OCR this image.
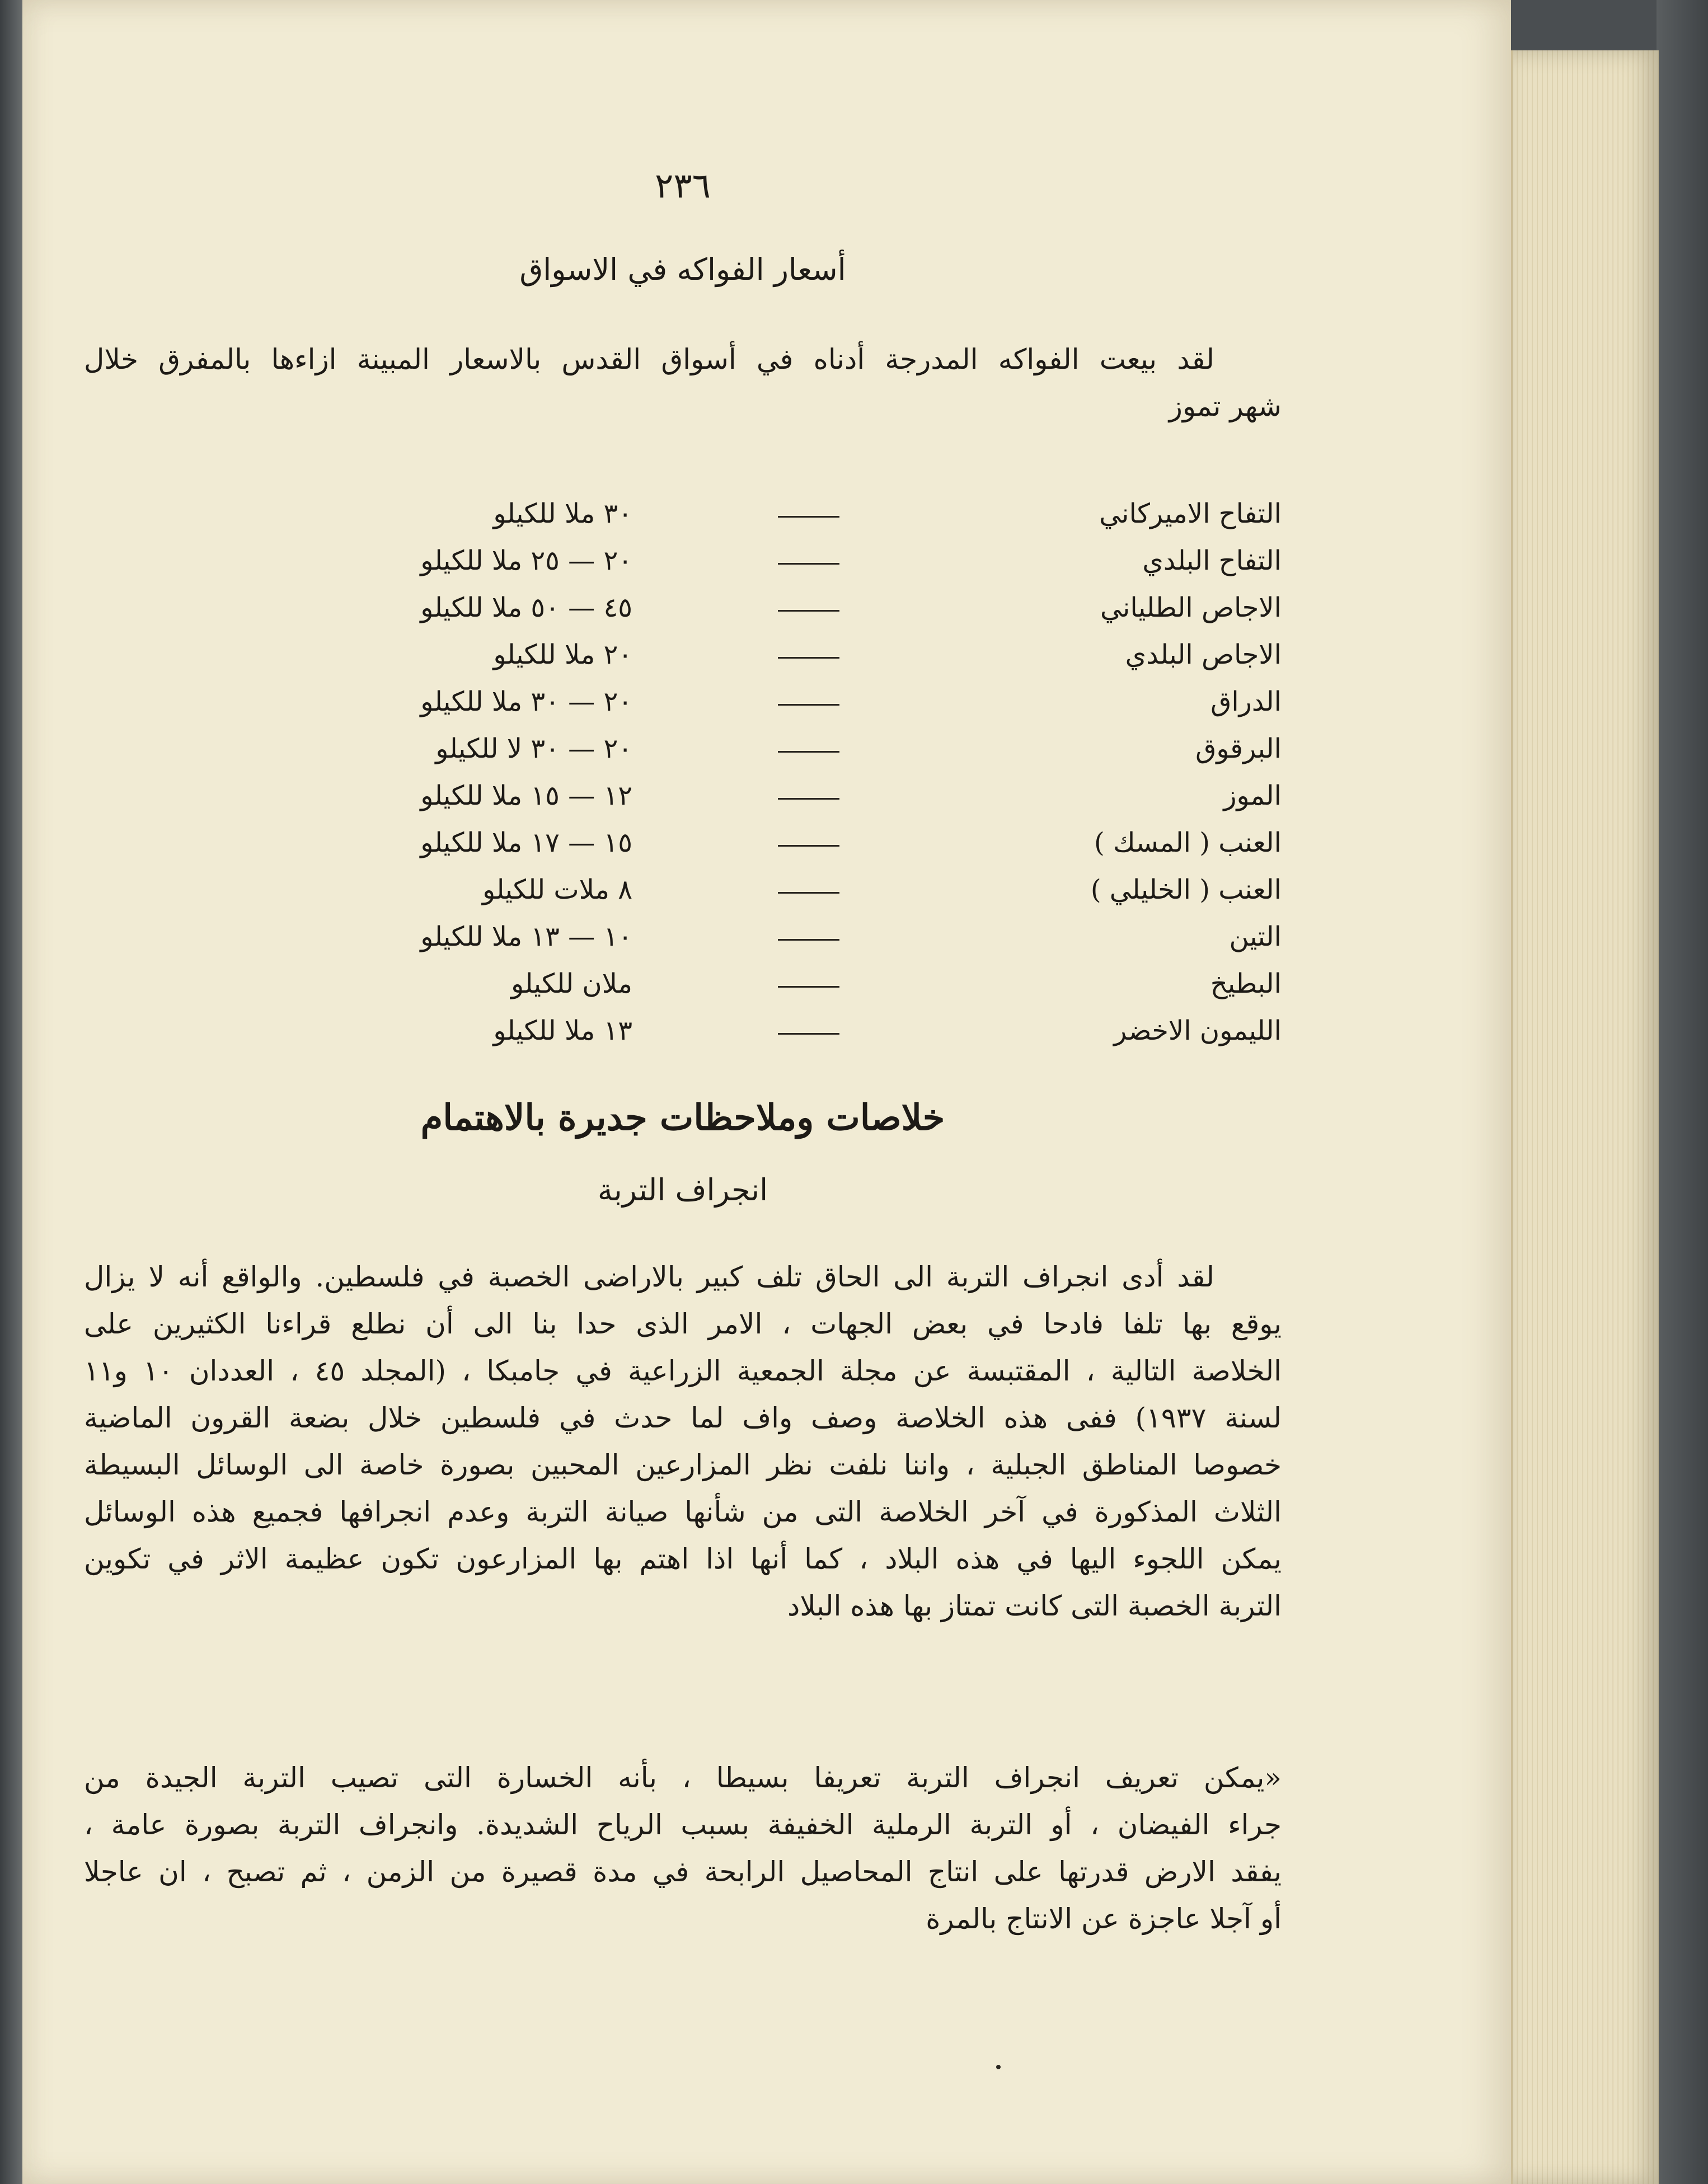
٢٣٦
أسعار الفواكه في الاسواق
لقد بيعت الفواكه المدرجة أدناه في أسواق القدس بالاسعار المبينة ازاءها بالمفرق خلال
شهر تموز
التفاح الاميركاني
٣٠ ملا للكيلو
التفاح البلدي
٢٠ — ٢٥ ملا للكيلو
الاجاص الطلياني
٤٥ — ٥٠ ملا للكيلو
الاجاص البلدي
٢٠ ملا للكيلو
الدراق
٢٠ — ٣٠ ملا للكيلو
البرقوق
٢٠ — ٣٠ لا للكيلو
الموز
١٢ — ١٥ ملا للكيلو
العنب ( المسك )
١٥ — ١٧ ملا للكيلو
العنب ( الخليلي )
٨ ملات للكيلو
التين
١٠ — ١٣ ملا للكيلو
البطيخ
ملان للكيلو
الليمون الاخضر
١٣ ملا للكيلو
خلاصات وملاحظات جديرة بالاهتمام
انجراف التربة
لقد أدى انجراف التربة الى الحاق تلف كبير بالاراضى الخصبة في فلسطين. والواقع أنه لا يزال
يوقع بها تلفا فادحا في بعض الجهات ، الامر الذى حدا بنا الى أن نطلع قراءنا الكثيرين على
الخلاصة التالية ، المقتبسة عن مجلة الجمعية الزراعية في جامبكا ، (المجلد ٤٥ ، العددان ١٠ و١١
لسنة ١٩٣٧) ففى هذه الخلاصة وصف واف لما حدث في فلسطين خلال بضعة القرون الماضية
خصوصا المناطق الجبلية ، واننا نلفت نظر المزارعين المحبين بصورة خاصة الى الوسائل البسيطة
الثلاث المذكورة في آخر الخلاصة التى من شأنها صيانة التربة وعدم انجرافها فجميع هذه الوسائل
يمكن اللجوء اليها في هذه البلاد ، كما أنها اذا اهتم بها المزارعون تكون عظيمة الاثر في تكوين
التربة الخصبة التى كانت تمتاز بها هذه البلاد
«يمكن تعريف انجراف التربة تعريفا بسيطا ، بأنه الخسارة التى تصيب التربة الجيدة من
جراء الفيضان ، أو التربة الرملية الخفيفة بسبب الرياح الشديدة. وانجراف التربة بصورة عامة ،
يفقد الارض قدرتها على انتاج المحاصيل الرابحة في مدة قصيرة من الزمن ، ثم تصبح ، ان عاجلا
أو آجلا عاجزة عن الانتاج بالمرة
